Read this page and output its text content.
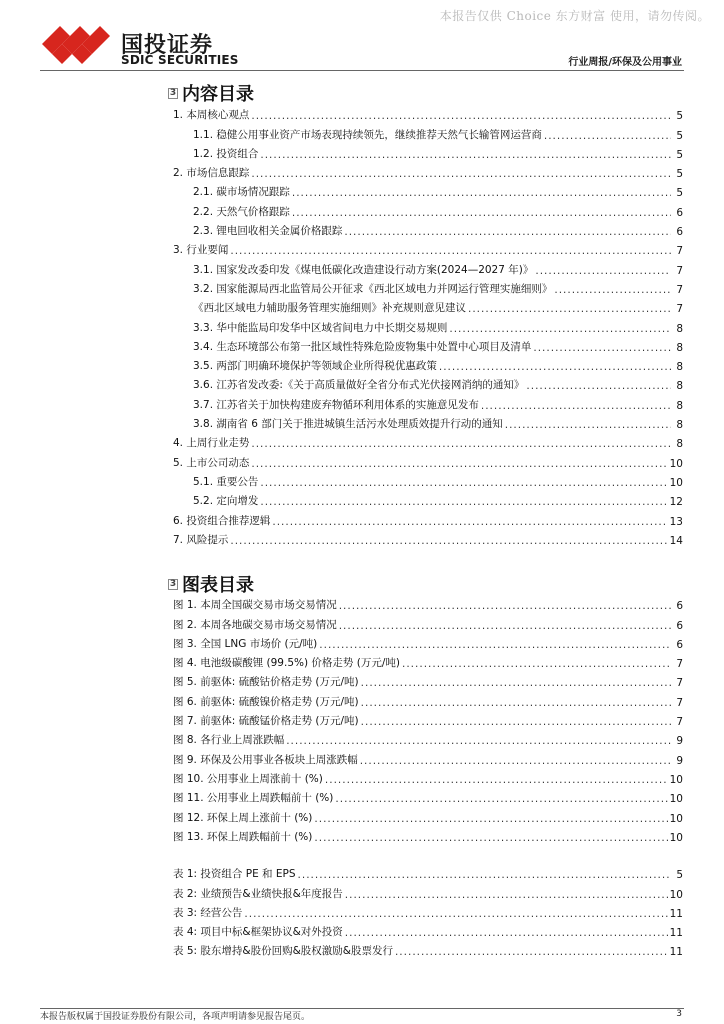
本报告仅供 Choice 东方财富 使用，请勿传阅。
国投证券
SDIC SECURITIES	行业周报/环保及公用事业
3 内容目录
1. 本周核心观点 .....	5
1.1. 稳健公用事业资产市场表现持续领先，继续推荐天然气长输管网运营商 .....	5
1.2. 投资组合 .....	5
2. 市场信息跟踪 .....	5
2.1. 碳市场情况跟踪 .....	5
2.2. 天然气价格跟踪 .....	6
2.3. 锂电回收相关金属价格跟踪 .....	6
3. 行业要闻 .....	7
3.1. 国家发改委印发《煤电低碳化改造建设行动方案(2024—2027 年)》 .....	7
3.2. 国家能源局西北监管局公开征求《西北区域电力并网运行管理实施细则》 .....	7
《西北区域电力辅助服务管理实施细则》补充规则意见建议 .....	7
3.3. 华中能监局印发华中区域省间电力中长期交易规则 .....	8
3.4. 生态环境部公布第一批区域性特殊危险废物集中处置中心项目及清单 .....	8
3.5. 两部门明确环境保护等领域企业所得税优惠政策 .....	8
3.6. 江苏省发改委:《关于高质量做好全省分布式光伏接网消纳的通知》 .....	8
3.7. 江苏省关于加快构建废弃物循环利用体系的实施意见发布 .....	8
3.8. 湖南省 6 部门关于推进城镇生活污水处理质效提升行动的通知 .....	8
4. 上周行业走势 .....	8
5. 上市公司动态 .....	10
5.1. 重要公告 .....	10
5.2. 定向增发 .....	12
6. 投资组合推荐逻辑 .....	13
7. 风险提示 .....	14
3 图表目录
图 1. 本周全国碳交易市场交易情况 .....	6
图 2. 本周各地碳交易市场交易情况 .....	6
图 3. 全国 LNG 市场价 (元/吨) .....	6
图 4. 电池级碳酸锂 (99.5%) 价格走势 (万元/吨) .....	7
图 5. 前驱体: 硫酸钴价格走势 (万元/吨) .....	7
图 6. 前驱体: 硫酸镍价格走势 (万元/吨) .....	7
图 7. 前驱体: 硫酸锰价格走势 (万元/吨) .....	7
图 8. 各行业上周涨跌幅 .....	9
图 9. 环保及公用事业各板块上周涨跌幅 .....	9
图 10. 公用事业上周涨前十 (%) .....	10
图 11. 公用事业上周跌幅前十 (%) .....	10
图 12. 环保上周上涨前十 (%) .....	10
图 13. 环保上周跌幅前十 (%) .....	10
表 1: 投资组合 PE 和 EPS .....	5
表 2: 业绩预告&业绩快报&年度报告 .....	10
表 3: 经营公告 .....	11
表 4: 项目中标&框架协议&对外投资 .....	11
表 5: 股东增持&股份回购&股权激励&股票发行 .....	11
本报告版权属于国投证券股份有限公司，各项声明请参见报告尾页。	3
